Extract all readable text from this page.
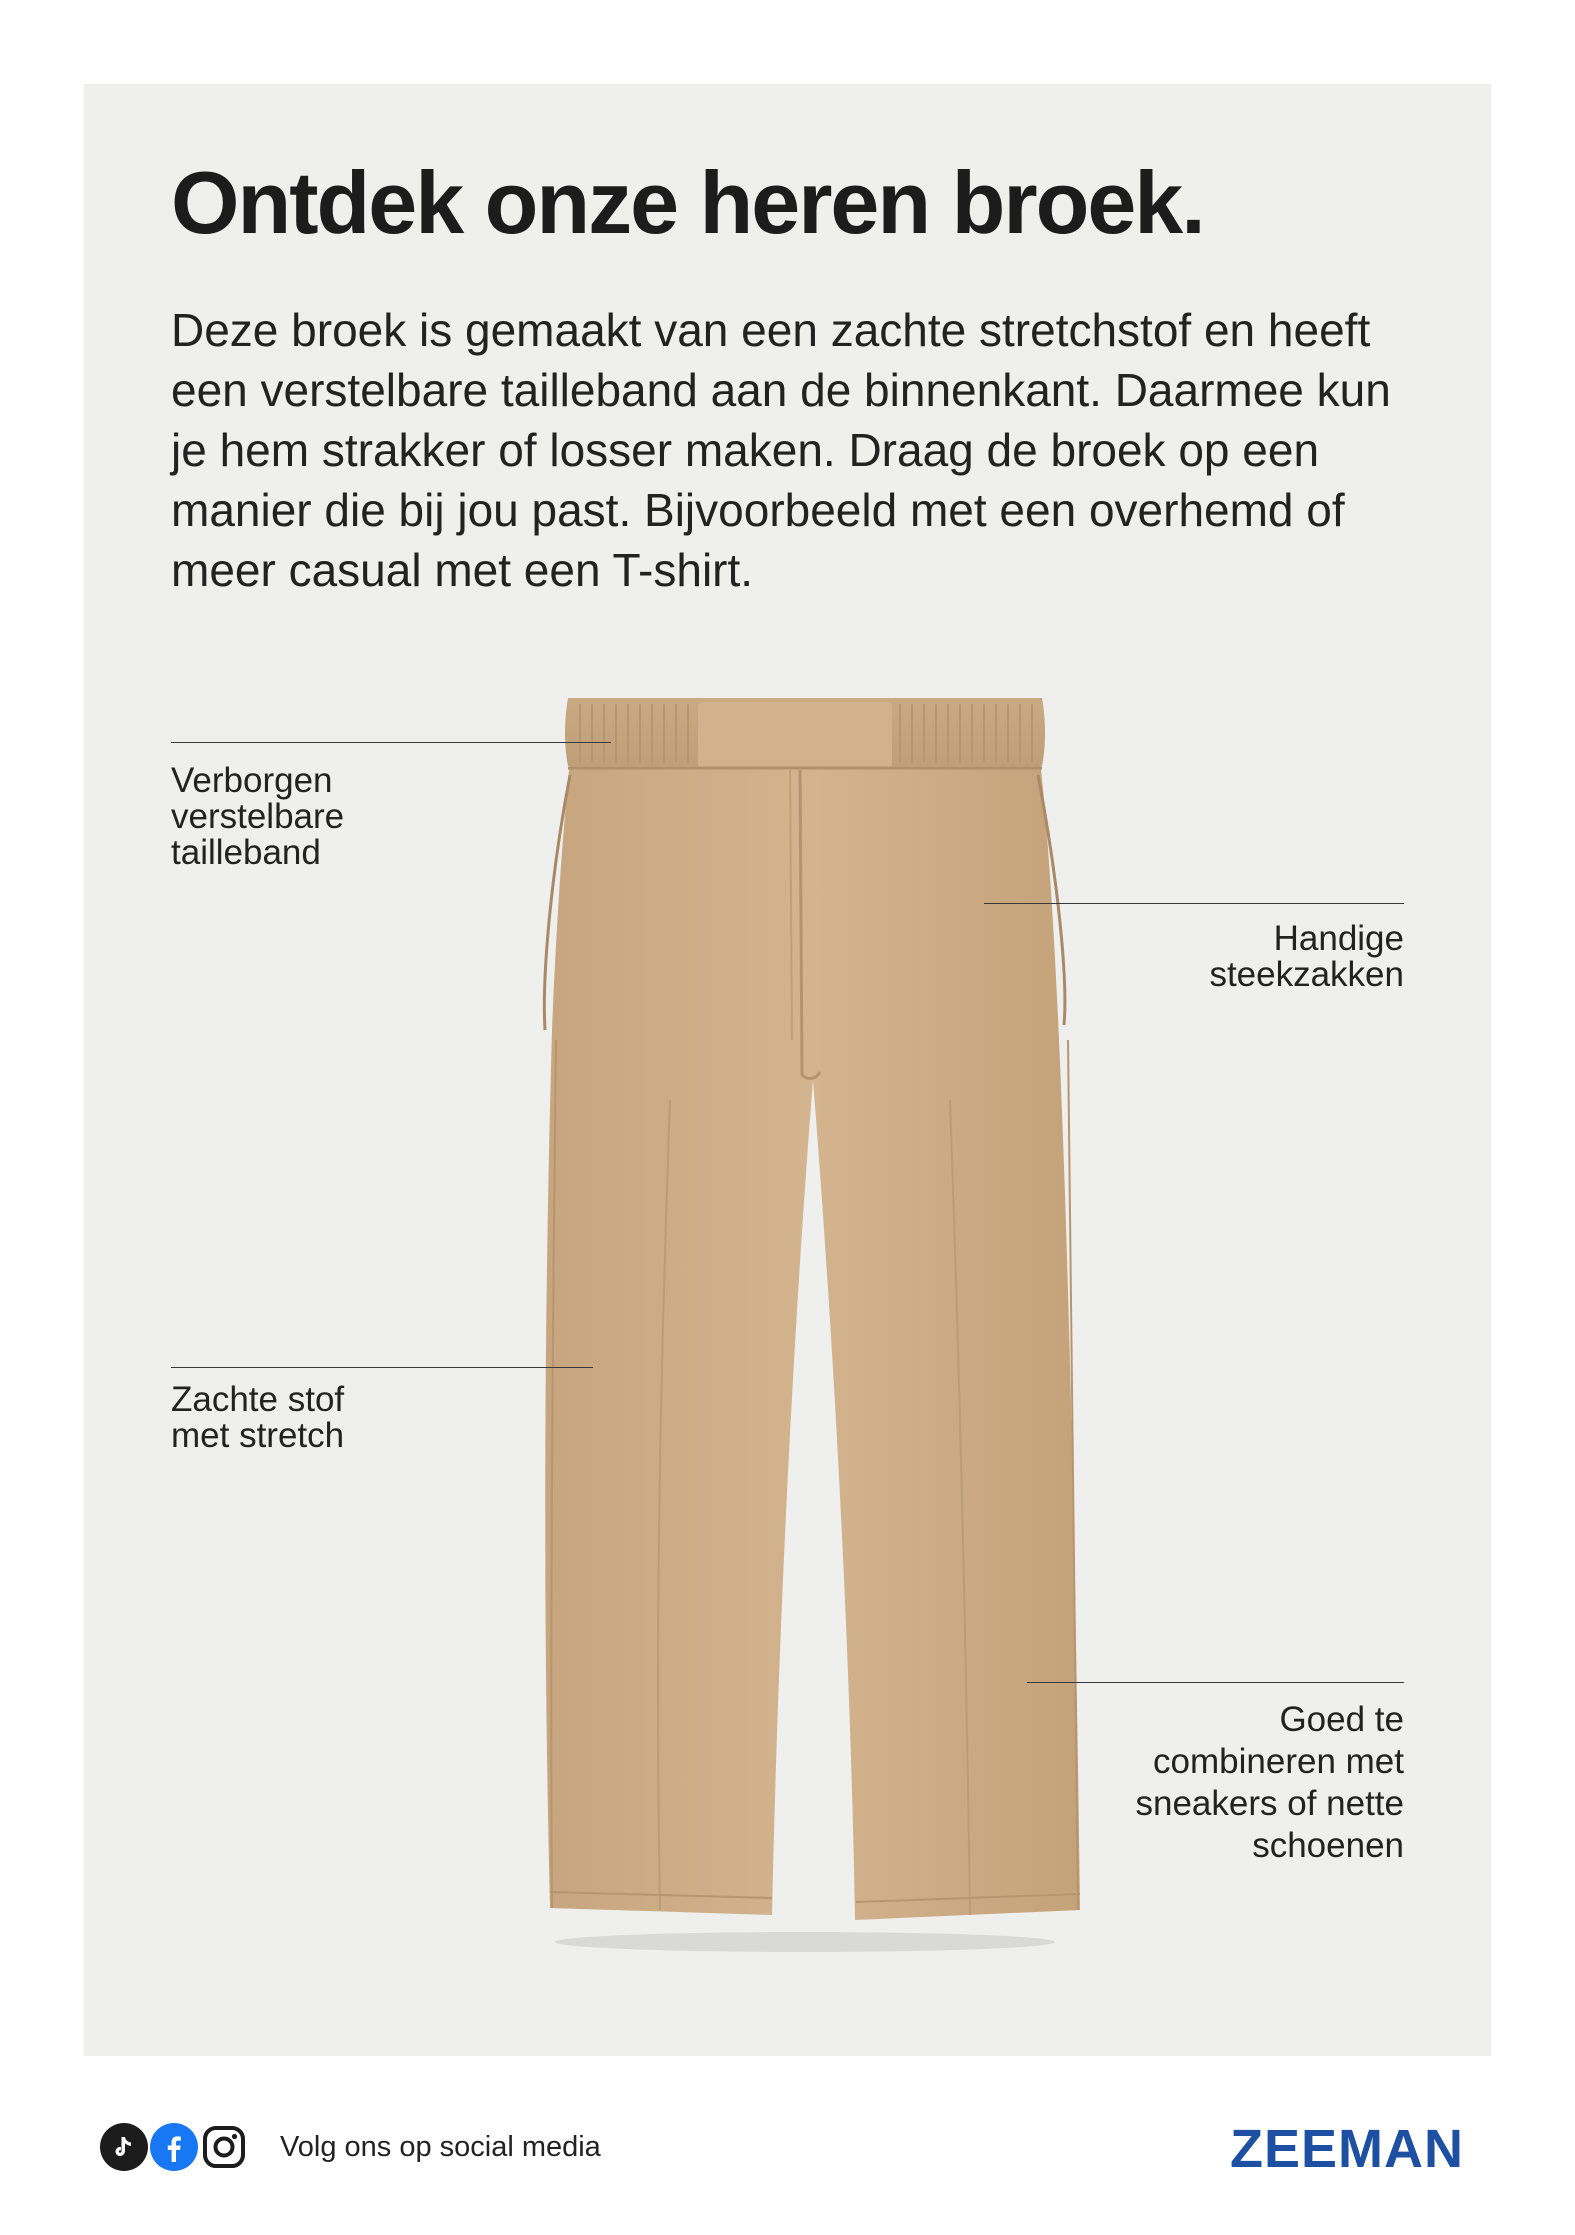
Ontdek onze heren broek.

Deze broek is gemaakt van een zachte stretchstof en heeft een verstelbare tailleband aan de binnenkant. Daarmee kun je hem strakker of losser maken. Draag de broek op een manier die bij jou past. Bijvoorbeeld met een overhemd of meer casual met een T-shirt.

Verborgen
verstelbare
tailleband
Handige
steekzakken
Zachte stof
met stretch
Goed te
combineren met
sneakers of nette
schoenen
Volg ons op social media	ZEEMAN
